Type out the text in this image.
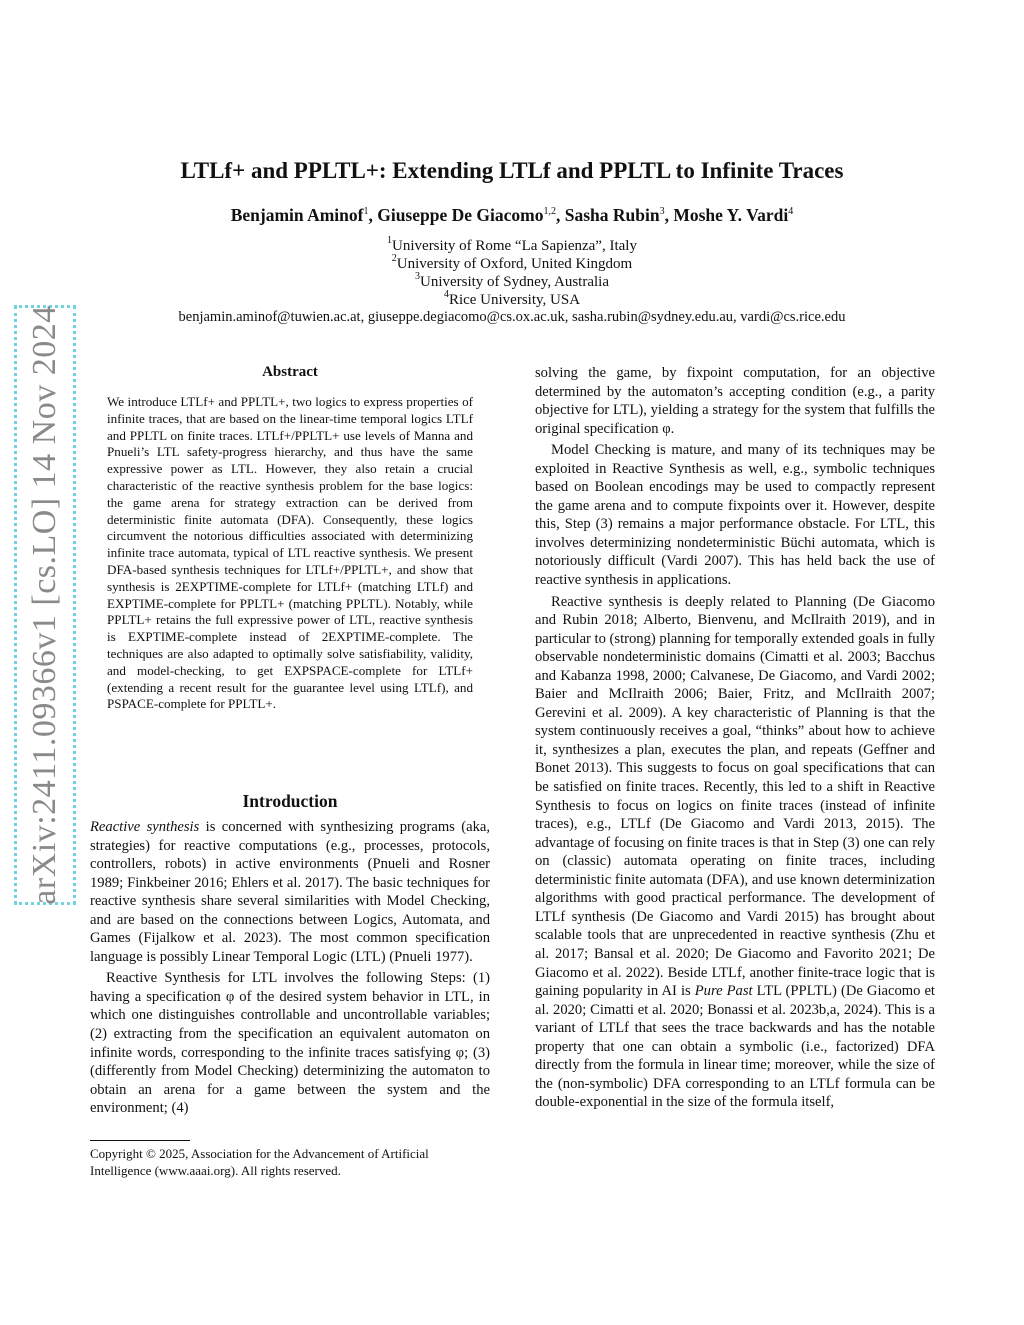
arXiv:2411.09366v1 [cs.LO] 14 Nov 2024
LTLf+ and PPLTL+: Extending LTLf and PPLTL to Infinite Traces
Benjamin Aminof$^1$, Giuseppe De Giacomo$^{1,2}$, Sasha Rubin$^3$, Moshe Y. Vardi$^4$
$^1$University of Rome “La Sapienza”, Italy
$^2$University of Oxford, United Kingdom
$^3$University of Sydney, Australia
$^4$Rice University, USA
benjamin.aminof@tuwien.ac.at, giuseppe.degiacomo@cs.ox.ac.uk, sasha.rubin@sydney.edu.au, vardi@cs.rice.edu
Abstract
We introduce LTLf+ and PPLTL+, two logics to express properties of infinite traces, that are based on the linear-time temporal logics LTLf and PPLTL on finite traces. LTLf+/PPLTL+ use levels of Manna and Pnueli’s LTL safety-progress hierarchy, and thus have the same expressive power as LTL. However, they also retain a crucial characteristic of the reactive synthesis problem for the base logics: the game arena for strategy extraction can be derived from deterministic finite automata (DFA). Consequently, these logics circumvent the notorious difficulties associated with determinizing infinite trace automata, typical of LTL reactive synthesis. We present DFA-based synthesis techniques for LTLf+/PPLTL+, and show that synthesis is 2EXPTIME-complete for LTLf+ (matching LTLf) and EXPTIME-complete for PPLTL+ (matching PPLTL). Notably, while PPLTL+ retains the full expressive power of LTL, reactive synthesis is EXPTIME-complete instead of 2EXPTIME-complete. The techniques are also adapted to optimally solve satisfiability, validity, and model-checking, to get EXPSPACE-complete for LTLf+ (extending a recent result for the guarantee level using LTLf), and PSPACE-complete for PPLTL+.
Introduction

Reactive synthesis is concerned with synthesizing programs (aka, strategies) for reactive computations (e.g., processes, protocols, controllers, robots) in active environments (Pnueli and Rosner 1989; Finkbeiner 2016; Ehlers et al. 2017). The basic techniques for reactive synthesis share several similarities with Model Checking, and are based on the connections between Logics, Automata, and Games (Fijalkow et al. 2023). The most common specification language is possibly Linear Temporal Logic (LTL) (Pnueli 1977).

Reactive Synthesis for LTL involves the following Steps: (1) having a specification φ of the desired system behavior in LTL, in which one distinguishes controllable and uncontrollable variables; (2) extracting from the specification an equivalent automaton on infinite words, corresponding to the infinite traces satisfying φ; (3) (differently from Model Checking) determinizing the automaton to obtain an arena for a game between the system and the environment; (4)

Copyright © 2025, Association for the Advancement of Artificial Intelligence (www.aaai.org). All rights reserved.

solving the game, by fixpoint computation, for an objective determined by the automaton’s accepting condition (e.g., a parity objective for LTL), yielding a strategy for the system that fulfills the original specification φ.

Model Checking is mature, and many of its techniques may be exploited in Reactive Synthesis as well, e.g., symbolic techniques based on Boolean encodings may be used to compactly represent the game arena and to compute fixpoints over it. However, despite this, Step (3) remains a major performance obstacle. For LTL, this involves determinizing nondeterministic Büchi automata, which is notoriously difficult (Vardi 2007). This has held back the use of reactive synthesis in applications.

Reactive synthesis is deeply related to Planning (De Giacomo and Rubin 2018; Alberto, Bienvenu, and McIlraith 2019), and in particular to (strong) planning for temporally extended goals in fully observable nondeterministic domains (Cimatti et al. 2003; Bacchus and Kabanza 1998, 2000; Calvanese, De Giacomo, and Vardi 2002; Baier and McIlraith 2006; Baier, Fritz, and McIlraith 2007; Gerevini et al. 2009). A key characteristic of Planning is that the system continuously receives a goal, “thinks” about how to achieve it, synthesizes a plan, executes the plan, and repeats (Geffner and Bonet 2013). This suggests to focus on goal specifications that can be satisfied on finite traces. Recently, this led to a shift in Reactive Synthesis to focus on logics on finite traces (instead of infinite traces), e.g., LTLf (De Giacomo and Vardi 2013, 2015). The advantage of focusing on finite traces is that in Step (3) one can rely on (classic) automata operating on finite traces, including deterministic finite automata (DFA), and use known determinization algorithms with good practical performance. The development of LTLf synthesis (De Giacomo and Vardi 2015) has brought about scalable tools that are unprecedented in reactive synthesis (Zhu et al. 2017; Bansal et al. 2020; De Giacomo and Favorito 2021; De Giacomo et al. 2022). Beside LTLf, another finite-trace logic that is gaining popularity in AI is Pure Past LTL (PPLTL) (De Giacomo et al. 2020; Cimatti et al. 2020; Bonassi et al. 2023b,a, 2024). This is a variant of LTLf that sees the trace backwards and has the notable property that one can obtain a symbolic (i.e., factorized) DFA directly from the formula in linear time; moreover, while the size of the (non-symbolic) DFA corresponding to an LTLf formula can be double-exponential in the size of the formula itself,
